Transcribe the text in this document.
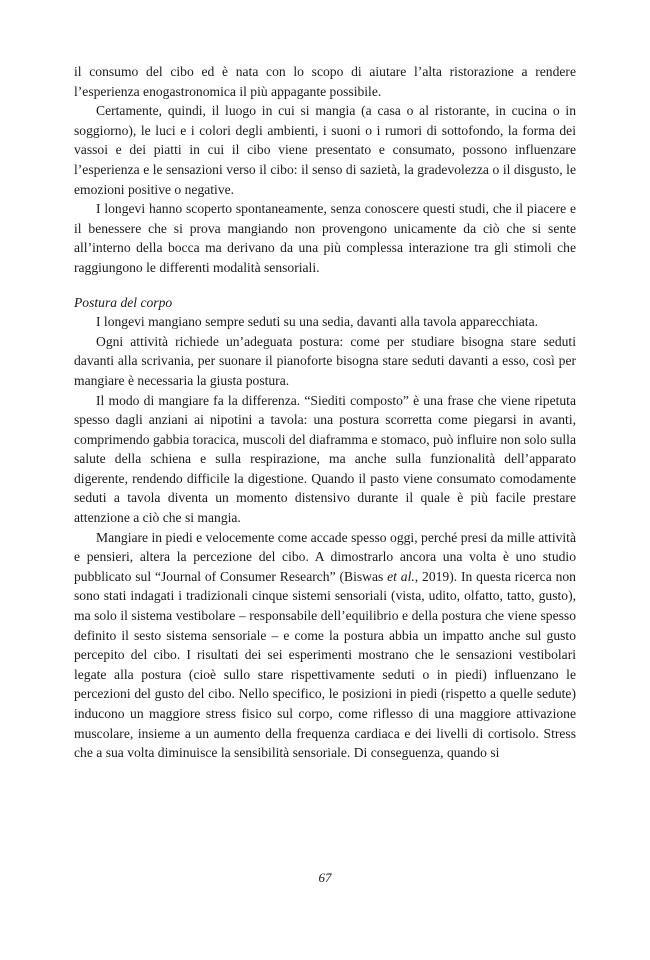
il consumo del cibo ed è nata con lo scopo di aiutare l’alta ristorazione a rendere l’esperienza enogastronomica il più appagante possibile.

Certamente, quindi, il luogo in cui si mangia (a casa o al ristorante, in cucina o in soggiorno), le luci e i colori degli ambienti, i suoni o i rumori di sottofondo, la forma dei vassoi e dei piatti in cui il cibo viene presentato e consumato, possono influenzare l’esperienza e le sensazioni verso il cibo: il senso di sazietà, la gradevolezza o il disgusto, le emozioni positive o negative.

I longevi hanno scoperto spontaneamente, senza conoscere questi studi, che il piacere e il benessere che si prova mangiando non provengono unicamente da ciò che si sente all’interno della bocca ma derivano da una più complessa interazione tra gli stimoli che raggiungono le differenti modalità sensoriali.

Postura del corpo

I longevi mangiano sempre seduti su una sedia, davanti alla tavola apparecchiata.

Ogni attività richiede un’adeguata postura: come per studiare bisogna stare seduti davanti alla scrivania, per suonare il pianoforte bisogna stare seduti davanti a esso, così per mangiare è necessaria la giusta postura.

Il modo di mangiare fa la differenza. “Siediti composto” è una frase che viene ripetuta spesso dagli anziani ai nipotini a tavola: una postura scorretta come piegarsi in avanti, comprimendo gabbia toracica, muscoli del diaframma e stomaco, può influire non solo sulla salute della schiena e sulla respirazione, ma anche sulla funzionalità dell’apparato digerente, rendendo difficile la digestione. Quando il pasto viene consumato comodamente seduti a tavola diventa un momento distensivo durante il quale è più facile prestare attenzione a ciò che si mangia.

Mangiare in piedi e velocemente come accade spesso oggi, perché presi da mille attività e pensieri, altera la percezione del cibo. A dimostrarlo ancora una volta è uno studio pubblicato sul “Journal of Consumer Research” (Biswas et al., 2019). In questa ricerca non sono stati indagati i tradizionali cinque sistemi sensoriali (vista, udito, olfatto, tatto, gusto), ma solo il sistema vestibolare – responsabile dell’equilibrio e della postura che viene spesso definito il sesto sistema sensoriale – e come la postura abbia un impatto anche sul gusto percepito del cibo. I risultati dei sei esperimenti mostrano che le sensazioni vestibolari legate alla postura (cioè sullo stare rispettivamente seduti o in piedi) influenzano le percezioni del gusto del cibo. Nello specifico, le posizioni in piedi (rispetto a quelle sedute) inducono un maggiore stress fisico sul corpo, come riflesso di una maggiore attivazione muscolare, insieme a un aumento della frequenza cardiaca e dei livelli di cortisolo. Stress che a sua volta diminuisce la sensibilità sensoriale. Di conseguenza, quando si

67
